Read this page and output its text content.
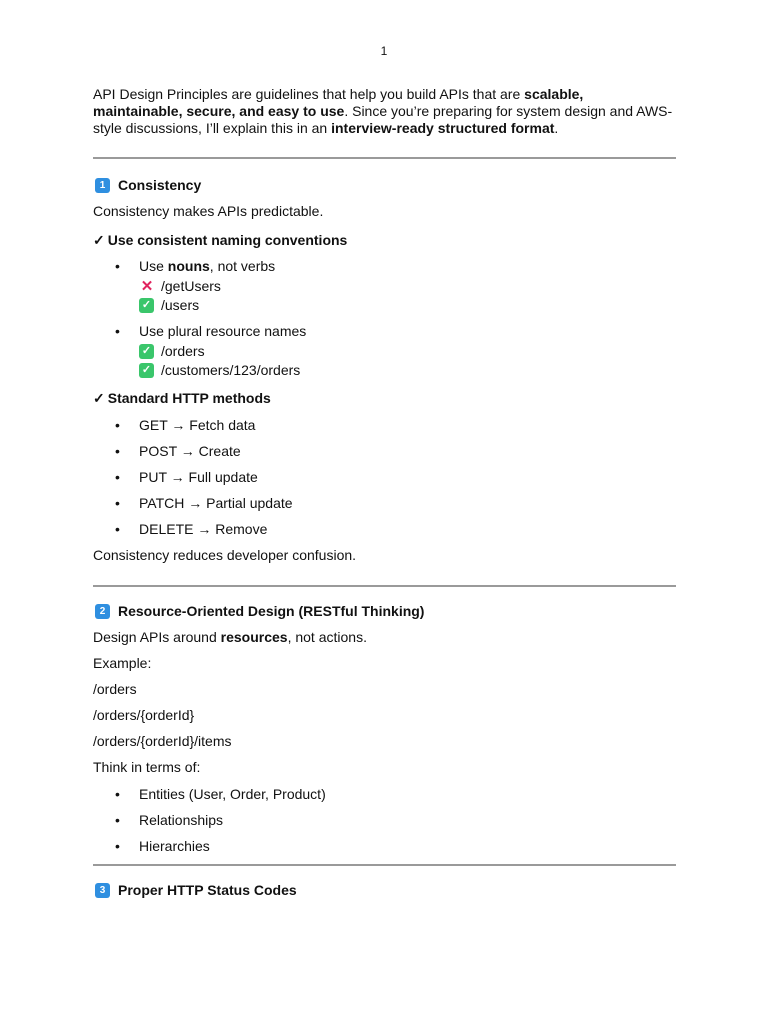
1

API Design Principles are guidelines that help you build APIs that are scalable, maintainable, secure, and easy to use. Since you’re preparing for system design and AWS-style discussions, I’ll explain this in an interview-ready structured format.

1 Consistency

Consistency makes APIs predictable.

✓ Use consistent naming conventions
• Use nouns, not verbs
✕ /getUsers
✓ /users
• Use plural resource names
✓ /orders
✓ /customers/123/orders
✓ Standard HTTP methods
• GET → Fetch data
• POST → Create
• PUT → Full update
• PATCH → Partial update
• DELETE → Remove

Consistency reduces developer confusion.

2 Resource-Oriented Design (RESTful Thinking)

Design APIs around resources, not actions.

Example:

/orders

/orders/{orderId}

/orders/{orderId}/items

Think in terms of:

• Entities (User, Order, Product)
• Relationships
• Hierarchies
3 Proper HTTP Status Codes
